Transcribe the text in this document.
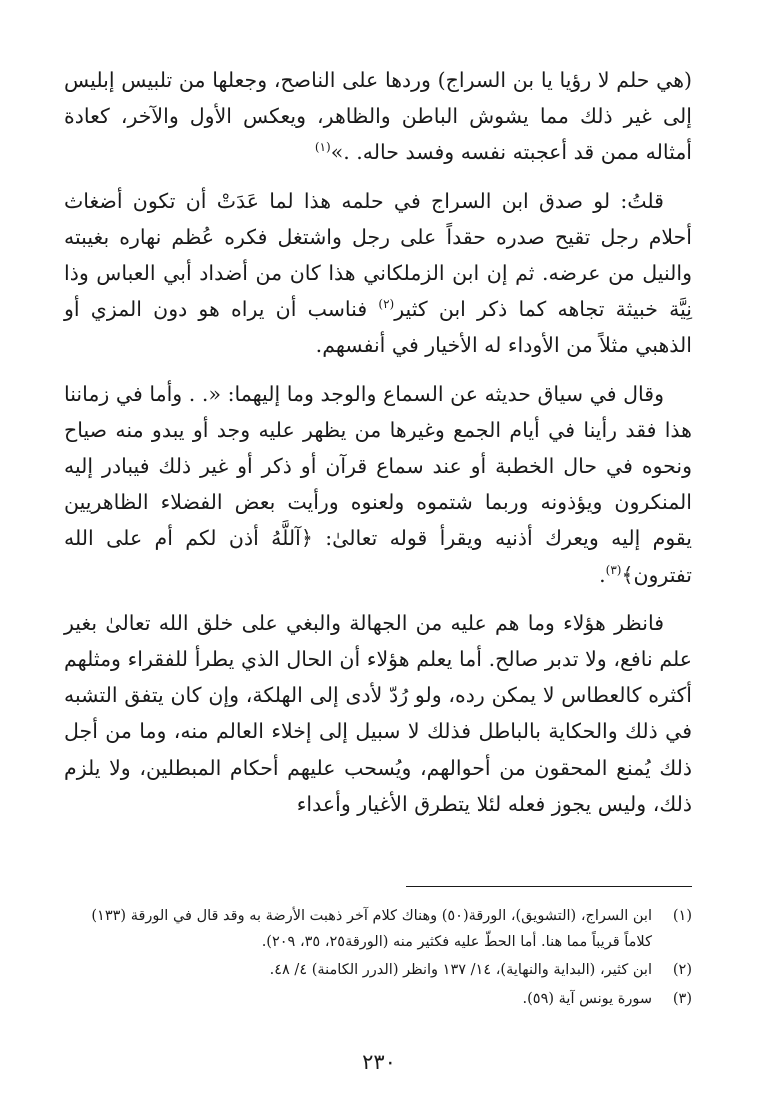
(هي حلم لا رؤيا يا بن السراج) وردها على الناصح، وجعلها من تلبيس إبليس إلى غير ذلك مما يشوش الباطن والظاهر، ويعكس الأول والآخر، كعادة أمثاله ممن قد أعجبته نفسه وفسد حاله. .»$^{(١)}$

قلتُ: لو صدق ابن السراج في حلمه هذا لما عَدَتْ أن تكون أضغاث أحلام رجل تقيح صدره حقداً على رجل واشتغل فكره عُظم نهاره بغيبته والنيل من عرضه. ثم إن ابن الزملكاني هذا كان من أضداد أبي العباس وذا نِيَّة خبيثة تجاهه كما ذكر ابن كثير$^{(٢)}$ فناسب أن يراه هو دون المزي أو الذهبي مثلاً من الأوداء له الأخيار في أنفسهم.

وقال في سياق حديثه عن السماع والوجد وما إليهما: «. . وأما في زماننا هذا فقد رأينا في أيام الجمع وغيرها من يظهر عليه وجد أو يبدو منه صياح ونحوه في حال الخطبة أو عند سماع قرآن أو ذكر أو غير ذلك فيبادر إليه المنكرون ويؤذونه وربما شتموه ولعنوه ورأيت بعض الفضلاء الظاهريين يقوم إليه ويعرك أذنيه ويقرأ قوله تعالىٰ: ﴿آللَّهُ أذن لكم أم على الله تفترون﴾$^{(٣)}$.

فانظر هؤلاء وما هم عليه من الجهالة والبغي على خلق الله تعالىٰ بغير علم نافع، ولا تدبر صالح. أما يعلم هؤلاء أن الحال الذي يطرأ للفقراء ومثلهم أكثره كالعطاس لا يمكن رده، ولو رُدّ لأدى إلى الهلكة، وإن كان يتفق التشبه في ذلك والحكاية بالباطل فذلك لا سبيل إلى إخلاء العالم منه، وما من أجل ذلك يُمنع المحقون من أحوالهم، ويُسحب عليهم أحكام المبطلين، ولا يلزم ذلك، وليس يجوز فعله لئلا يتطرق الأغيار وأعداء

(١)
ابن السراج، (التشويق)، الورقة(٥٠) وهناك كلام آخر ذهبت الأرضة به وقد قال في الورقة (١٣٣) كلاماً قريباً مما هنا. أما الحطّ عليه فكثير منه (الورقة٢٥، ٣٥، ٢٠٩).
(٢)
ابن كثير، (البداية والنهاية)، ١٤/ ١٣٧ وانظر (الدرر الكامنة) ٤/ ٤٨.
(٣)
سورة يونس آية (٥٩).
٢٣٠
